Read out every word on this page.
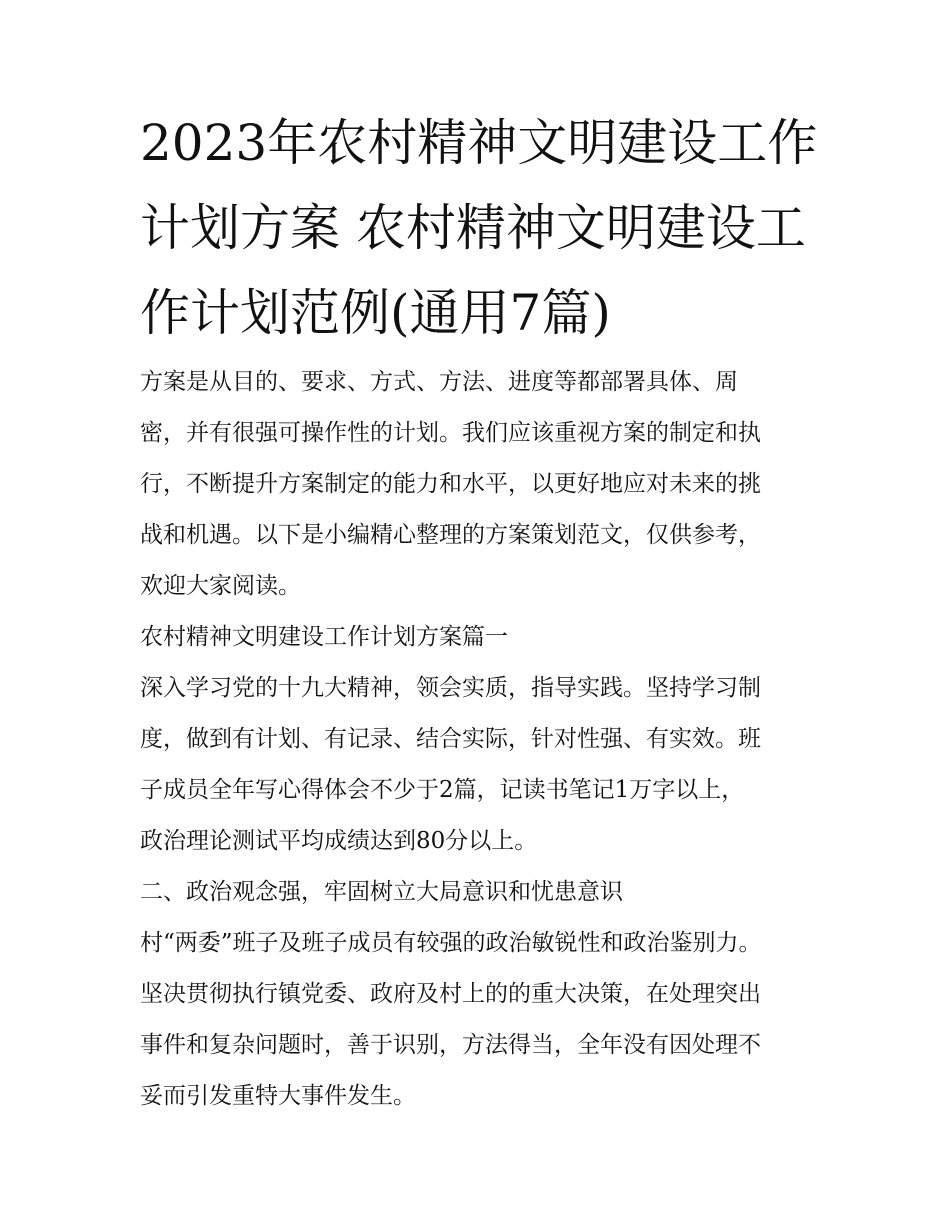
2023年农村精神文明建设工作
计划方案 农村精神文明建设工
作计划范例(通用7篇)
方案是从目的、要求、方式、方法、进度等都部署具体、周
密，并有很强可操作性的计划。我们应该重视方案的制定和执
行，不断提升方案制定的能力和水平，以更好地应对未来的挑
战和机遇。以下是小编精心整理的方案策划范文，仅供参考，
欢迎大家阅读。
农村精神文明建设工作计划方案篇一
深入学习党的十九大精神，领会实质，指导实践。坚持学习制
度，做到有计划、有记录、结合实际，针对性强、有实效。班
子成员全年写心得体会不少于2篇，记读书笔记1万字以上，
政治理论测试平均成绩达到80分以上。
二、政治观念强，牢固树立大局意识和忧患意识
村“两委”班子及班子成员有较强的政治敏锐性和政治鉴别力。
坚决贯彻执行镇党委、政府及村上的的重大决策，在处理突出
事件和复杂问题时，善于识别，方法得当，全年没有因处理不
妥而引发重特大事件发生。
